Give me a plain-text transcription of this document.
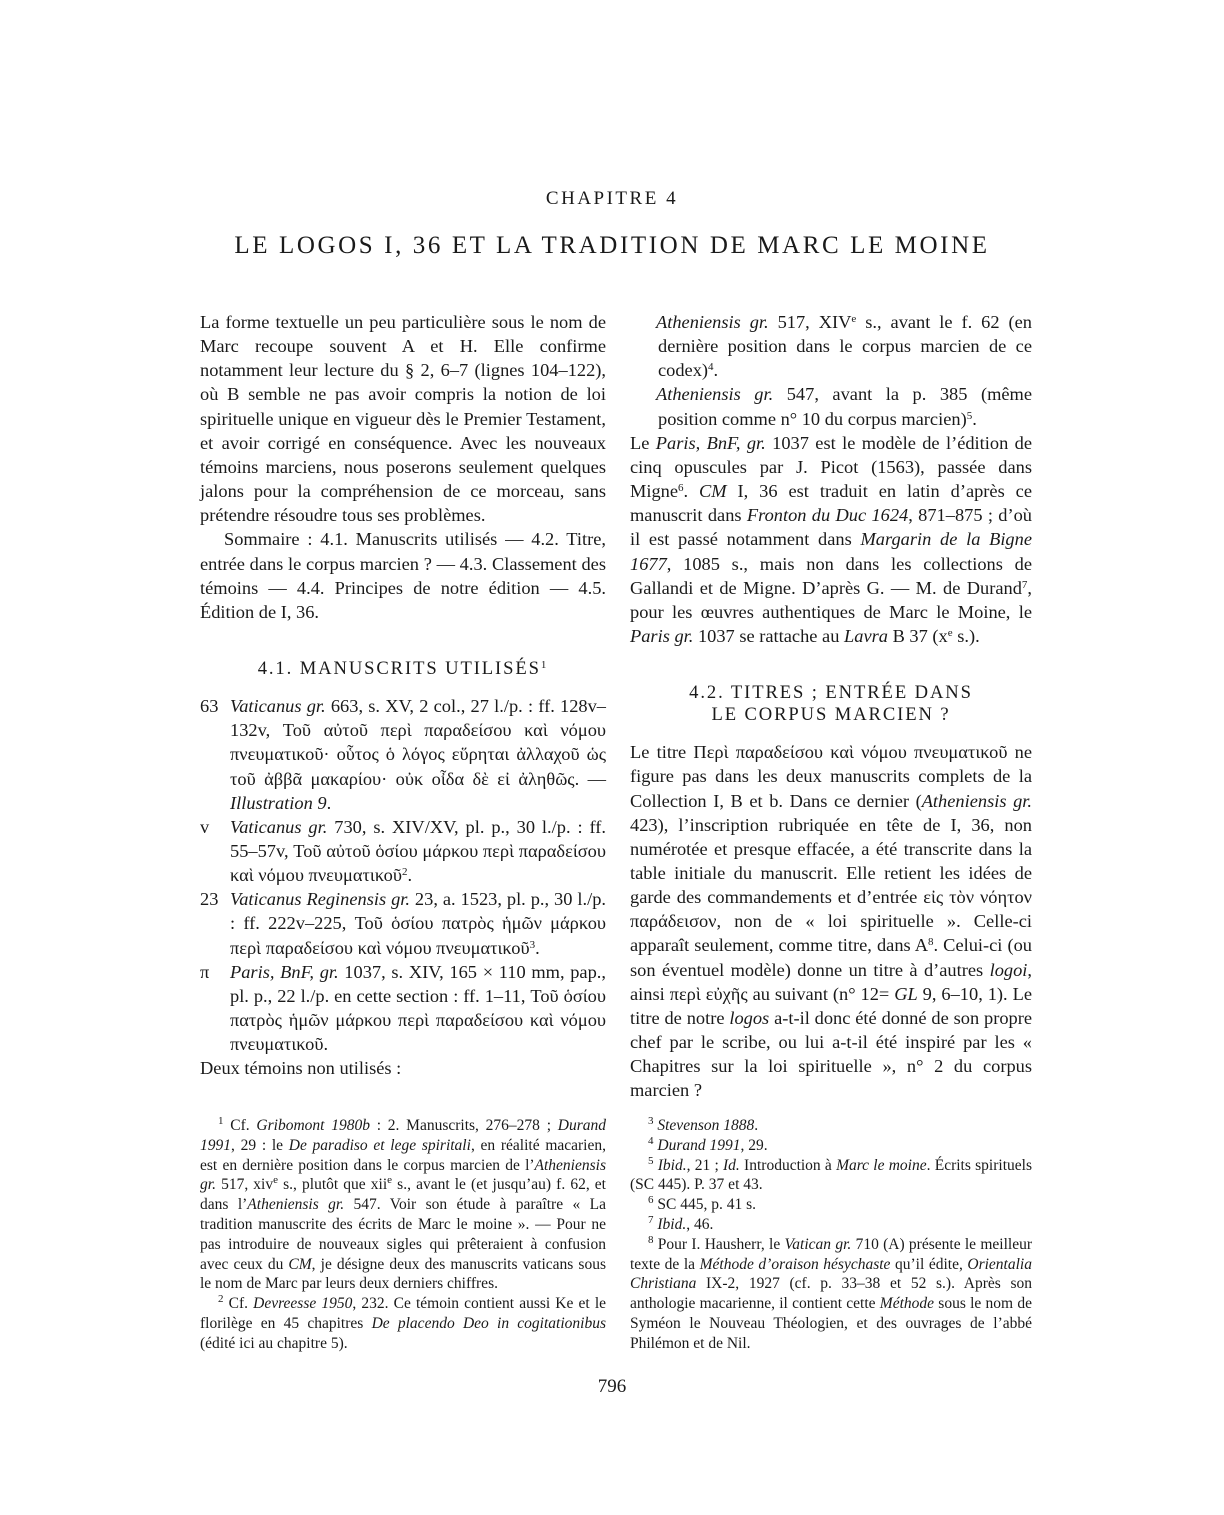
CHAPITRE 4
LE LOGOS I, 36 ET LA TRADITION DE MARC LE MOINE

La forme textuelle un peu particulière sous le nom de Marc recoupe souvent A et H. Elle confirme notamment leur lecture du § 2, 6–7 (lignes 104–122), où B semble ne pas avoir compris la notion de loi spirituelle unique en vigueur dès le Premier Testament, et avoir corrigé en conséquence. Avec les nouveaux témoins marciens, nous poserons seulement quelques jalons pour la compréhension de ce morceau, sans prétendre résoudre tous ses problèmes.

Sommaire : 4.1. Manuscrits utilisés — 4.2. Titre, entrée dans le corpus marcien ? — 4.3. Classement des témoins — 4.4. Principes de notre édition — 4.5. Édition de I, 36.

4.1. MANUSCRITS UTILISÉS$^1$
63 Vaticanus gr. 663, s. XV, 2 col., 27 l./p. : ff. 128v–132v, Τοῦ αὐτοῦ περὶ παραδείσου καὶ νόμου πνευματικοῦ· οὗτος ὁ λόγος εὕρηται ἀλλαχοῦ ὡς τοῦ ἀββᾶ μακαρίου· οὐκ οἶδα δὲ εἰ ἀληθῶς. — Illustration 9.
v Vaticanus gr. 730, s. XIV/XV, pl. p., 30 l./p. : ff. 55–57v, Τοῦ αὐτοῦ ὁσίου μάρκου περὶ παραδείσου καὶ νόμου πνευματικοῦ$^2$.
23 Vaticanus Reginensis gr. 23, a. 1523, pl. p., 30 l./p. : ff. 222v–225, Τοῦ ὁσίου πατρὸς ἡμῶν μάρκου περὶ παραδείσου καὶ νόμου πνευματικοῦ$^3$.
π Paris, BnF, gr. 1037, s. XIV, 165 × 110 mm, pap., pl. p., 22 l./p. en cette section : ff. 1–11, Τοῦ ὁσίου πατρὸς ἡμῶν μάρκου περὶ παραδείσου καὶ νόμου πνευματικοῦ.

Deux témoins non utilisés :

Atheniensis gr. 517, XIVe s., avant le f. 62 (en dernière position dans le corpus marcien de ce codex)$^4$.

Atheniensis gr. 547, avant la p. 385 (même position comme n° 10 du corpus marcien)$^5$.

Le Paris, BnF, gr. 1037 est le modèle de l’édition de cinq opuscules par J. Picot (1563), passée dans Migne$^6$. CM I, 36 est traduit en latin d’après ce manuscrit dans Fronton du Duc 1624, 871–875 ; d’où il est passé notamment dans Margarin de la Bigne 1677, 1085 s., mais non dans les collections de Gallandi et de Migne. D’après G. — M. de Durand$^7$, pour les œuvres authentiques de Marc le Moine, le Paris gr. 1037 se rattache au Lavra B 37 ($x^e$ s.).

4.2. TITRES ; ENTRÉE DANS
LE CORPUS MARCIEN ?

Le titre Περὶ παραδείσου καὶ νόμου πνευματικοῦ ne figure pas dans les deux manuscrits complets de la Collection I, B et b. Dans ce dernier (Atheniensis gr. 423), l’inscription rubriquée en tête de I, 36, non numérotée et presque effacée, a été transcrite dans la table initiale du manuscrit. Elle retient les idées de garde des commandements et d’entrée εἰς τὸν νόητον παράδεισον, non de « loi spirituelle ». Celle-ci apparaît seulement, comme titre, dans $A^8$. Celui-ci (ou son éventuel modèle) donne un titre à d’autres logoi, ainsi περὶ εὐχῆς au suivant (n° 12= GL 9, 6–10, 1). Le titre de notre logos a-t-il donc été donné de son propre chef par le scribe, ou lui a-t-il été inspiré par les « Chapitres sur la loi spirituelle », n° 2 du corpus marcien ?

$^1$ Cf. Gribomont 1980b : 2. Manuscrits, 276–278 ; Durand 1991, 29 : le De paradiso et lege spiritali, en réalité macarien, est en dernière position dans le corpus marcien de l’Atheniensis gr. 517, xiv$^e$ s., plutôt que xii$^e$ s., avant le (et jusqu’au) f. 62, et dans l’Atheniensis gr. 547. Voir son étude à paraître « La tradition manuscrite des écrits de Marc le moine ». — Pour ne pas introduire de nouveaux sigles qui prêteraient à confusion avec ceux du CM, je désigne deux des manuscrits vaticans sous le nom de Marc par leurs deux derniers chiffres.

$^2$ Cf. Devreesse 1950, 232. Ce témoin contient aussi Ke et le florilège en 45 chapitres De placendo Deo in cogitationibus (édité ici au chapitre 5).

$^3$ Stevenson 1888.

$^4$ Durand 1991, 29.

$^5$ Ibid., 21 ; Id. Introduction à Marc le moine. Écrits spirituels (SC 445). P. 37 et 43.

$^6$ SC 445, p. 41 s.

$^7$ Ibid., 46.

$^8$ Pour I. Hausherr, le Vatican gr. 710 (A) présente le meilleur texte de la Méthode d’oraison hésychaste qu’il édite, Orientalia Christiana IX-2, 1927 (cf. p. 33–38 et 52 s.). Après son anthologie macarienne, il contient cette Méthode sous le nom de Syméon le Nouveau Théologien, et des ouvrages de l’abbé Philémon et de Nil.

796
